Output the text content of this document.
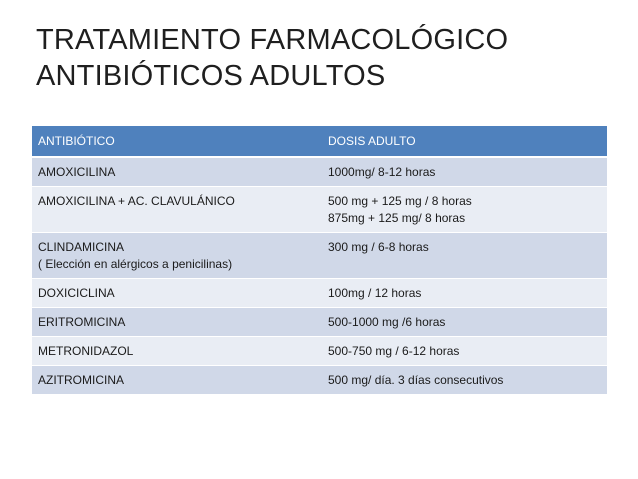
TRATAMIENTO FARMACOLÓGICO
ANTIBIÓTICOS ADULTOS
ANTIBIÓTICO	DOSIS ADULTO

AMOXICILINA	1000mg/ 8-12 horas

AMOXICILINA + AC. CLAVULÁNICO	500 mg + 125 mg / 8 horas
875mg + 125 mg/ 8 horas

CLINDAMICINA
( Elección en alérgicos a penicilinas)	300 mg / 6-8 horas

DOXICICLINA	100mg / 12 horas

ERITROMICINA	500-1000 mg /6 horas

METRONIDAZOL	500-750 mg / 6-12 horas

AZITROMICINA	500 mg/ día. 3 días consecutivos
